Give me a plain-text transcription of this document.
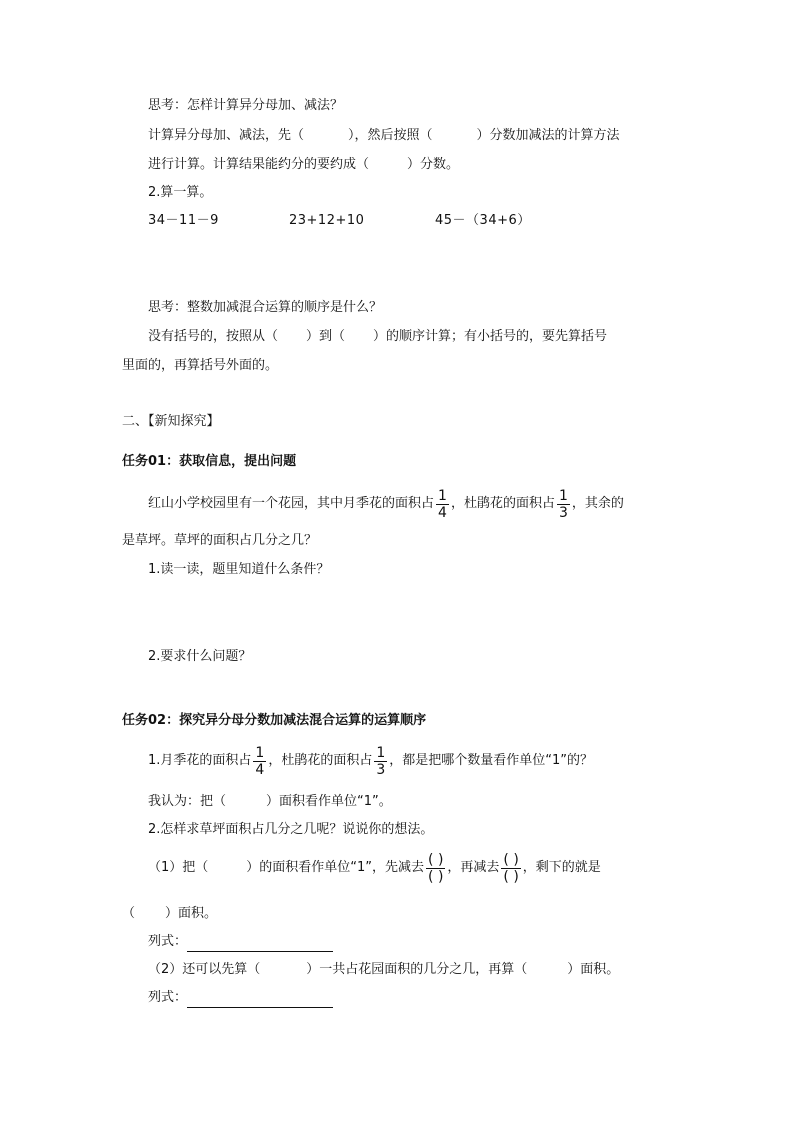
思考：怎样计算异分母加、减法？
计算异分母加、减法，先（	），然后按照（	）分数加减法的计算方法
进行计算。计算结果能约分的要约成（	）分数。
2.算一算。
34－11－9	23+12+10	45－（34+6）
思考：整数加减混合运算的顺序是什么？
没有括号的，按照从（ ）到（ ）的顺序计算；有小括号的，要先算括号
里面的，再算括号外面的。
二、【新知探究】
任务01：获取信息，提出问题
红山小学校园里有一个花园，其中月季花的面积占 $\frac{1}{4}$ ，杜鹃花的面积占 $\frac{1}{3}$ ，其余的
是草坪。草坪的面积占几分之几？
1.读一读，题里知道什么条件？
2.要求什么问题？
任务02：探究异分母分数加减法混合运算的运算顺序
1.月季花的面积占 $\frac{1}{4}$ ，杜鹃花的面积占 $\frac{1}{3}$ ，都是把哪个数量看作单位“1”的？
我认为：把（	）面积看作单位“1”。
2.怎样求草坪面积占几分之几呢？说说你的想法。
（1）把（	）的面积看作单位“1”，先减去 $\frac{( )}{( )}$ ，再减去 $\frac{( )}{( )}$ ，剩下的就是
（ ）面积。
列式：
（2）还可以先算（	）一共占花园面积的几分之几，再算（	）面积。
列式：
